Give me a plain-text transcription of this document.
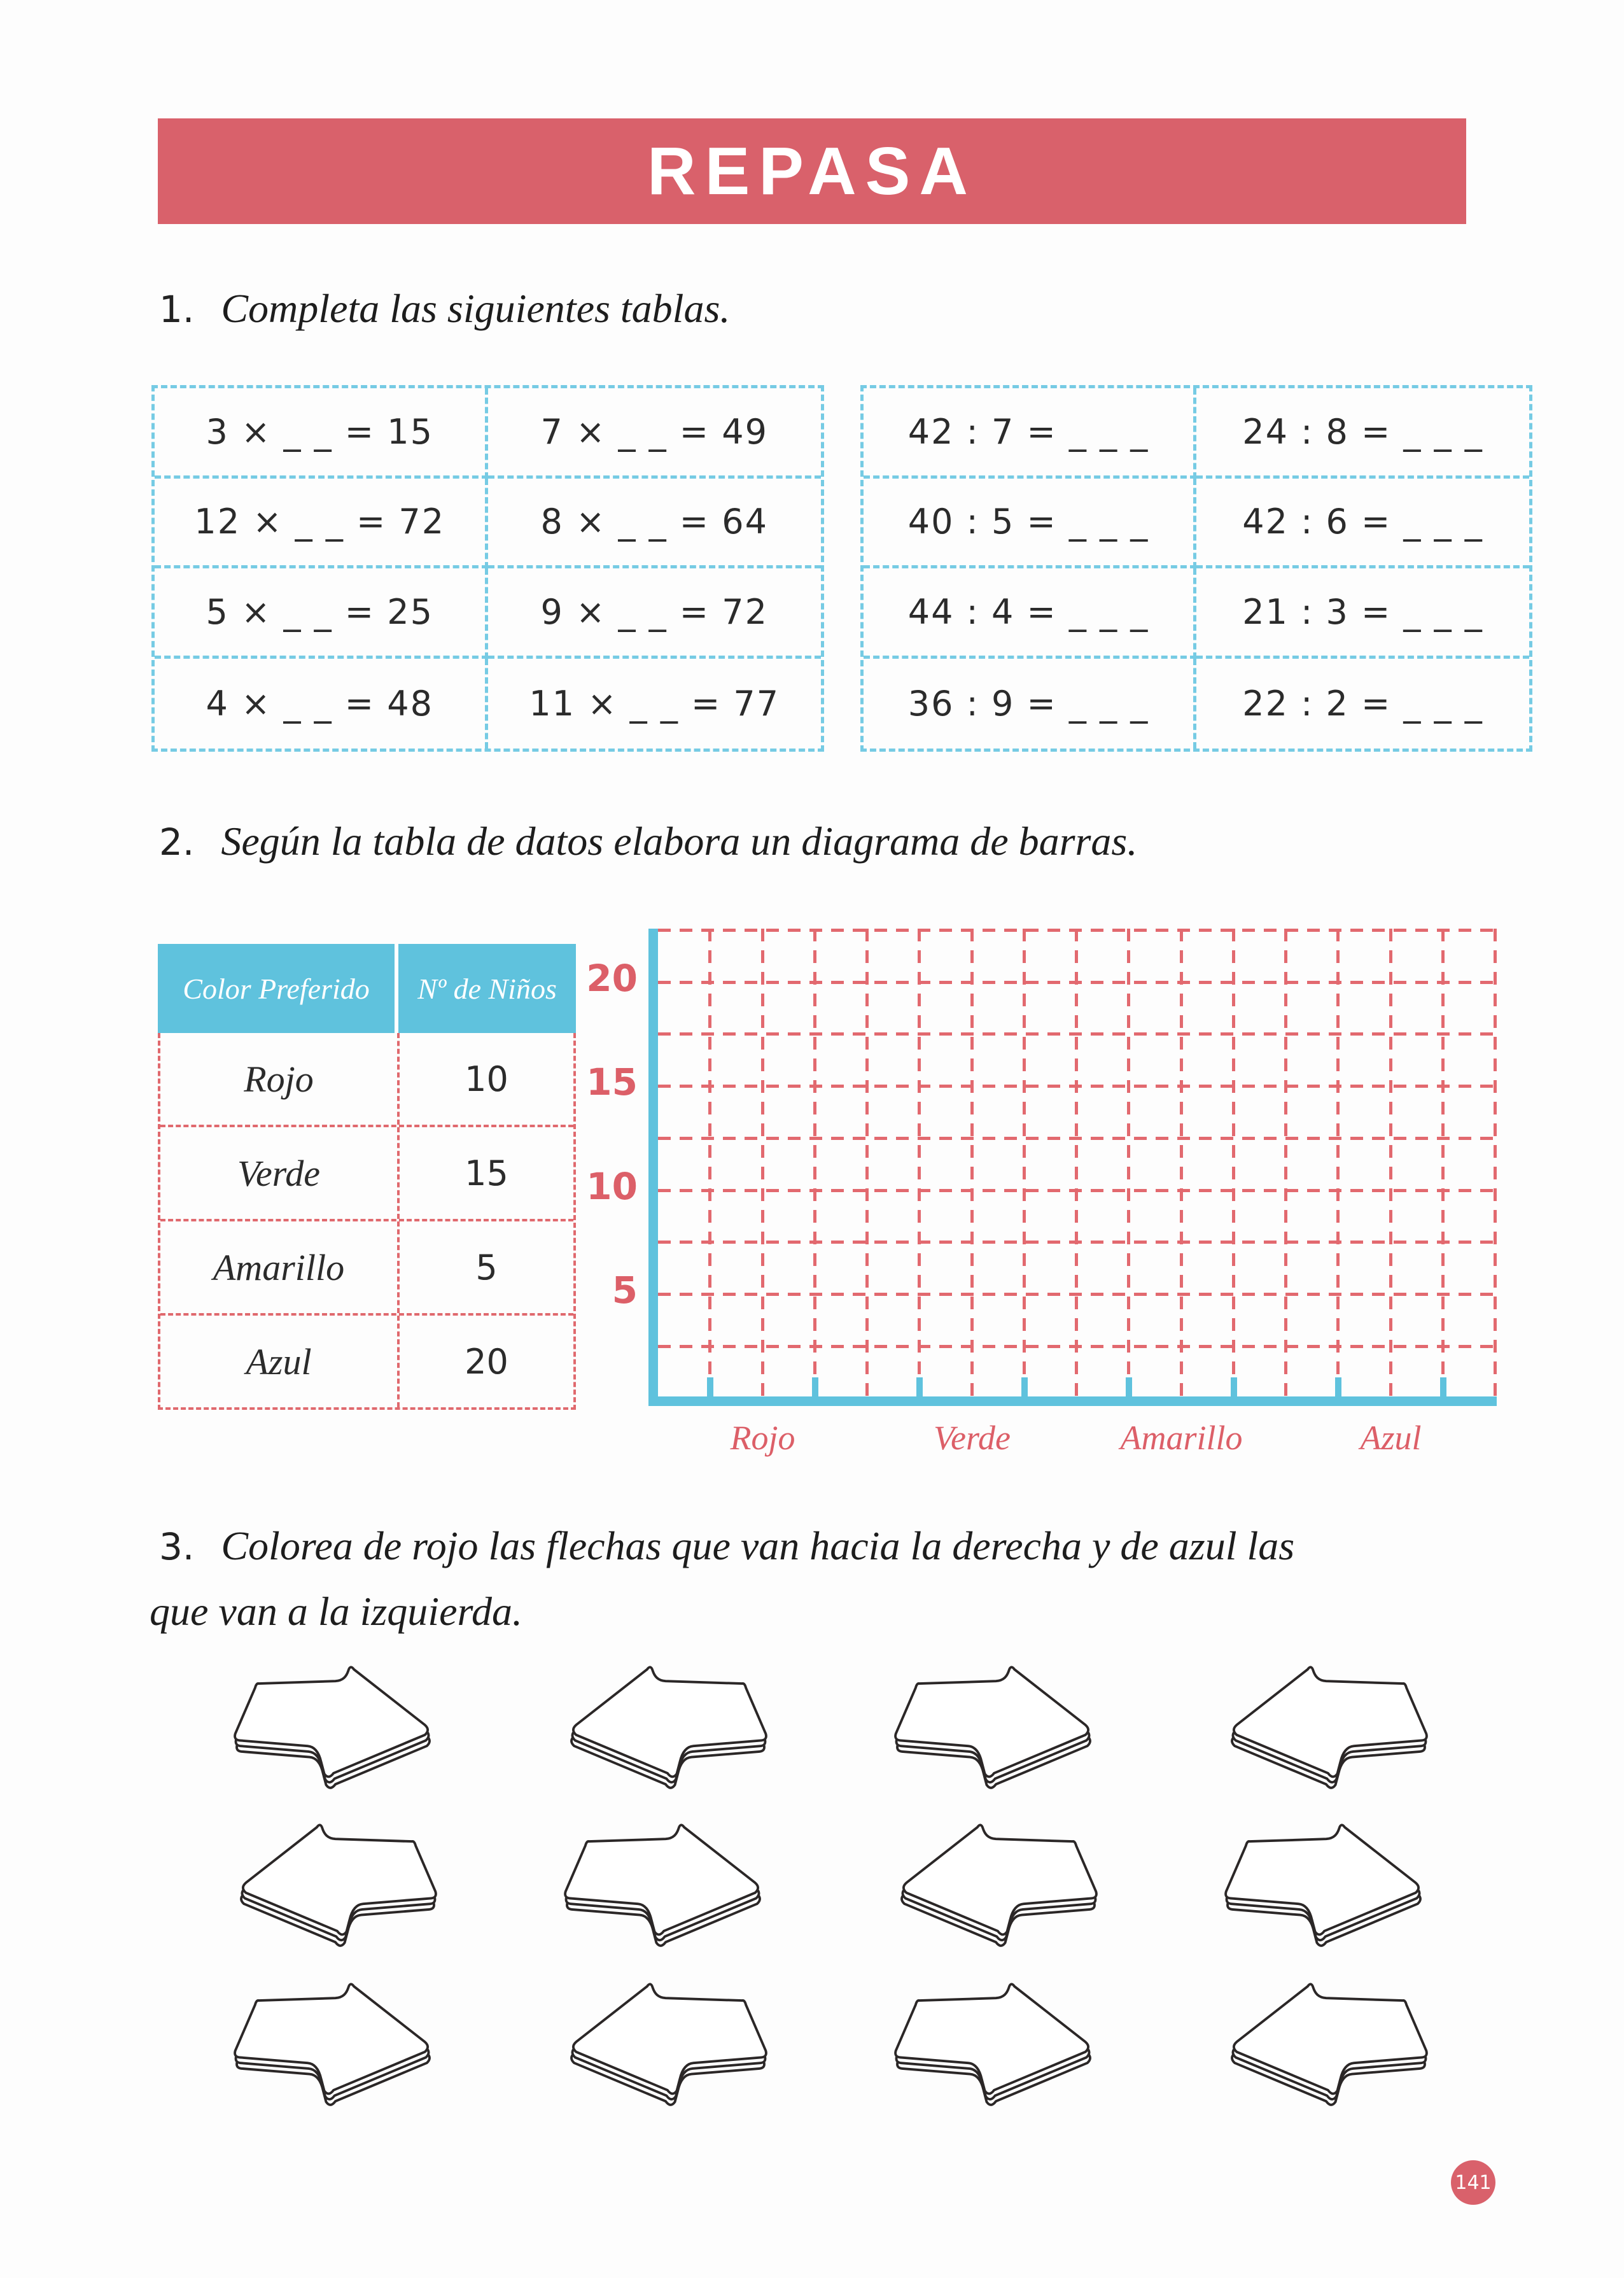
REPASA
1. Completa las siguientes tablas.
3 × _ _ = 15	7 × _ _ = 49
12 × _ _ = 72	8 × _ _ = 64
5 × _ _ = 25	9 × _ _ = 72
4 × _ _ = 48	11 × _ _ = 77
42 : 7 = _ _ _	24 : 8 = _ _ _
40 : 5 = _ _ _	42 : 6 = _ _ _
44 : 4 = _ _ _	21 : 3 = _ _ _
36 : 9 = _ _ _	22 : 2 = _ _ _
2. Según la tabla de datos elabora un diagrama de barras.
Color Preferido	Nº de Niños
Rojo	10
Verde	15
Amarillo	5
Azul	20
20
15
10
5
Rojo	Verde	Amarillo	Azul
3. Colorea de rojo las flechas que van hacia la derecha y de azul las
que van a la izquierda.
141
